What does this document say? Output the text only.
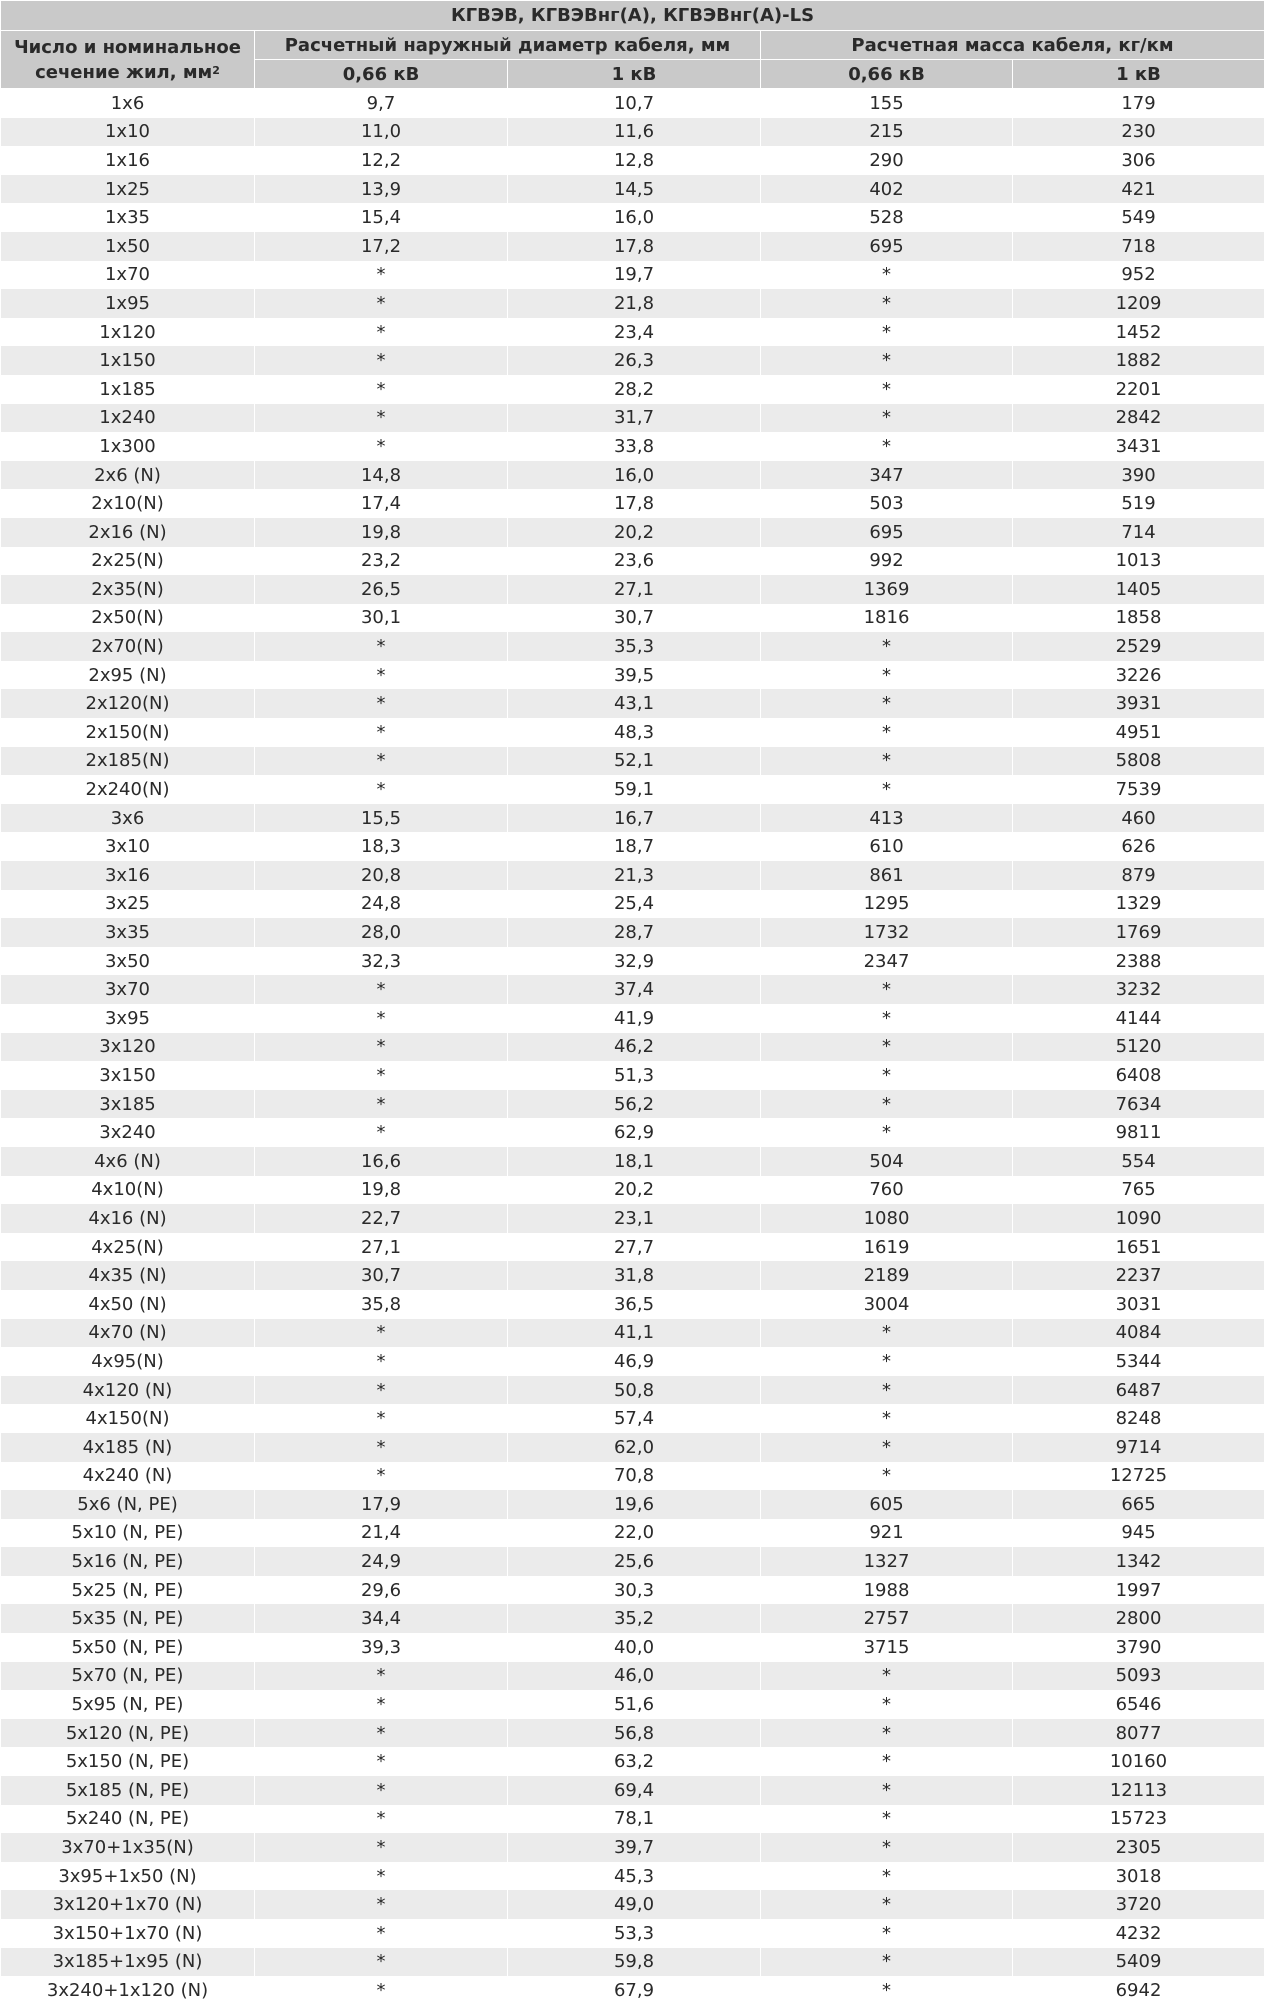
КГВЭВ, КГВЭВнг(A), КГВЭВнг(А)-LS				
Число и номинальное
сечение жил, $мм^2$	Расчетный наружный диаметр кабеля, мм		Расчетная масса кабеля, кг/км	
	0,66 кВ	1 кВ	0,66 кВ	1 кВ
1x6	9,7	10,7	155	179
1x10	11,0	11,6	215	230
1x16	12,2	12,8	290	306
1x25	13,9	14,5	402	421
1x35	15,4	16,0	528	549
1x50	17,2	17,8	695	718
1x70	*	19,7	*	952
1x95	*	21,8	*	1209
1x120	*	23,4	*	1452
1x150	*	26,3	*	1882
1x185	*	28,2	*	2201
1x240	*	31,7	*	2842
1x300	*	33,8	*	3431
2x6 (N)	14,8	16,0	347	390
2x10(N)	17,4	17,8	503	519
2x16 (N)	19,8	20,2	695	714
2x25(N)	23,2	23,6	992	1013
2x35(N)	26,5	27,1	1369	1405
2x50(N)	30,1	30,7	1816	1858
2x70(N)	*	35,3	*	2529
2x95 (N)	*	39,5	*	3226
2x120(N)	*	43,1	*	3931
2x150(N)	*	48,3	*	4951
2x185(N)	*	52,1	*	5808
2x240(N)	*	59,1	*	7539
3x6	15,5	16,7	413	460
3x10	18,3	18,7	610	626
3x16	20,8	21,3	861	879
3x25	24,8	25,4	1295	1329
3x35	28,0	28,7	1732	1769
3x50	32,3	32,9	2347	2388
3x70	*	37,4	*	3232
3x95	*	41,9	*	4144
3x120	*	46,2	*	5120
3x150	*	51,3	*	6408
3x185	*	56,2	*	7634
3x240	*	62,9	*	9811
4x6 (N)	16,6	18,1	504	554
4x10(N)	19,8	20,2	760	765
4x16 (N)	22,7	23,1	1080	1090
4x25(N)	27,1	27,7	1619	1651
4x35 (N)	30,7	31,8	2189	2237
4x50 (N)	35,8	36,5	3004	3031
4x70 (N)	*	41,1	*	4084
4x95(N)	*	46,9	*	5344
4x120 (N)	*	50,8	*	6487
4x150(N)	*	57,4	*	8248
4x185 (N)	*	62,0	*	9714
4x240 (N)	*	70,8	*	12725
5x6 (N, PE)	17,9	19,6	605	665
5x10 (N, PE)	21,4	22,0	921	945
5x16 (N, PE)	24,9	25,6	1327	1342
5x25 (N, PE)	29,6	30,3	1988	1997
5x35 (N, PE)	34,4	35,2	2757	2800
5x50 (N, PE)	39,3	40,0	3715	3790
5x70 (N, PE)	*	46,0	*	5093
5x95 (N, PE)	*	51,6	*	6546
5x120 (N, PE)	*	56,8	*	8077
5x150 (N, PE)	*	63,2	*	10160
5x185 (N, PE)	*	69,4	*	12113
5x240 (N, PE)	*	78,1	*	15723
3x70+1x35(N)	*	39,7	*	2305
3x95+1x50 (N)	*	45,3	*	3018
3x120+1x70 (N)	*	49,0	*	3720
3x150+1x70 (N)	*	53,3	*	4232
3x185+1x95 (N)	*	59,8	*	5409
3x240+1x120 (N)	*	67,9	*	6942
